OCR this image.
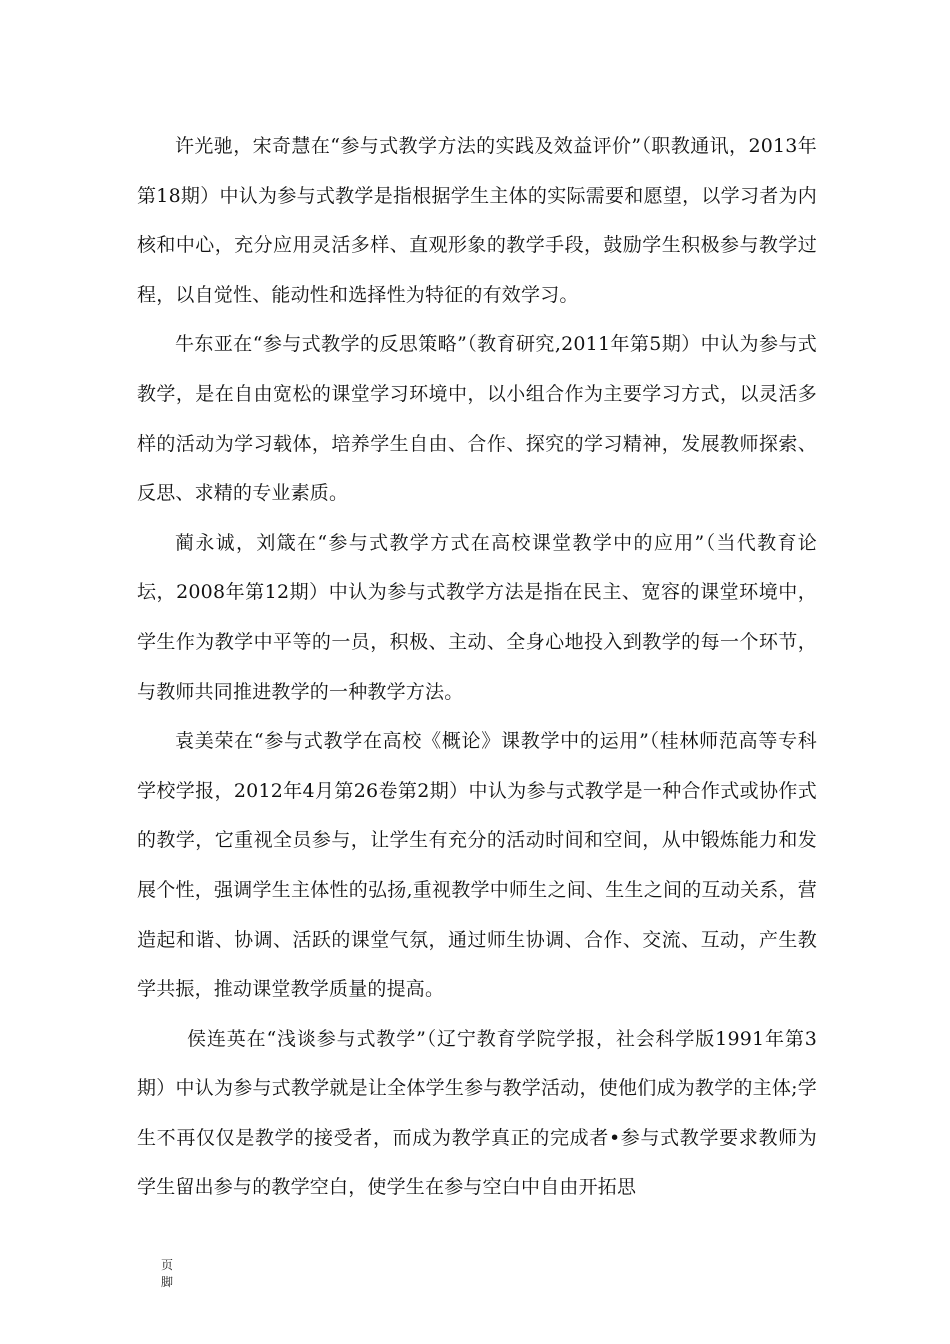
许光驰，宋奇慧在“参与式教学方法的实践及效益评价”（职教通讯，2013年第18期）中认为参与式教学是指根据学生主体的实际需要和愿望，以学习者为内核和中心，充分应用灵活多样、直观形象的教学手段，鼓励学生积极参与教学过程，以自觉性、能动性和选择性为特征的有效学习。

牛东亚在“参与式教学的反思策略”（教育研究,2011年第5期）中认为参与式教学，是在自由宽松的课堂学习环境中，以小组合作为主要学习方式，以灵活多样的活动为学习载体，培养学生自由、合作、探究的学习精神，发展教师探索、反思、求精的专业素质。

蔺永诚，刘箴在“参与式教学方式在高校课堂教学中的应用”（当代教育论坛，2008年第12期）中认为参与式教学方法是指在民主、宽容的课堂环境中，学生作为教学中平等的一员，积极、主动、全身心地投入到教学的每一个环节，与教师共同推进教学的一种教学方法。

袁美荣在“参与式教学在高校《概论》课教学中的运用”（桂林师范高等专科学校学报，2012年4月第26卷第2期）中认为参与式教学是一种合作式或协作式的教学，它重视全员参与，让学生有充分的活动时间和空间，从中锻炼能力和发展个性，强调学生主体性的弘扬,重视教学中师生之间、生生之间的互动关系，营造起和谐、协调、活跃的课堂气氛，通过师生协调、合作、交流、互动，产生教学共振，推动课堂教学质量的提高。

侯连英在“浅谈参与式教学”（辽宁教育学院学报，社会科学版1991年第3期）中认为参与式教学就是让全体学生参与教学活动，使他们成为教学的主体;学生不再仅仅是教学的接受者，而成为教学真正的完成者•参与式教学要求教师为学生留出参与的教学空白，使学生在参与空白中自由开拓思

页
脚
